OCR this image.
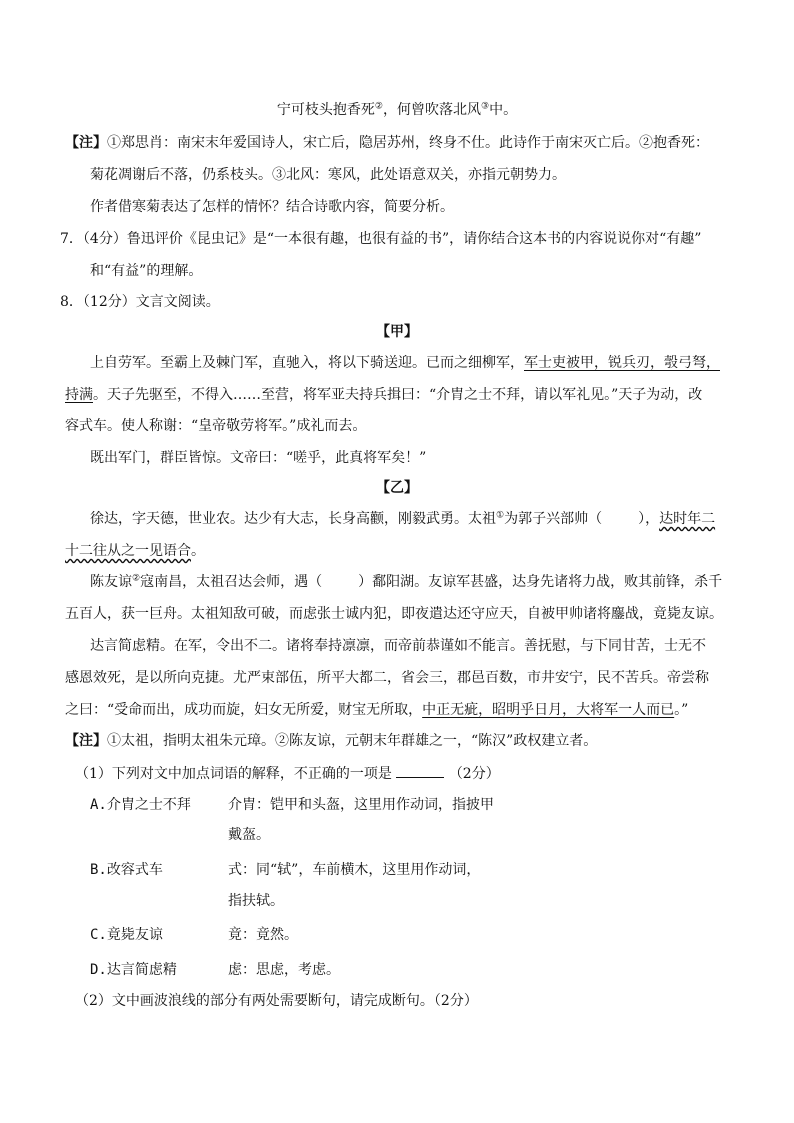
宁可枝头抱香死②，何曾吹落北风③中。
【注】①郑思肖：南宋末年爱国诗人，宋亡后，隐居苏州，终身不仕。此诗作于南宋灭亡后。②抱香死：
菊花凋谢后不落，仍系枝头。③北风：寒风，此处语意双关，亦指元朝势力。
作者借寒菊表达了怎样的情怀？结合诗歌内容，简要分析。
7．（4分）鲁迅评价《昆虫记》是“一本很有趣，也很有益的书”，请你结合这本书的内容说说你对“有趣”
和“有益”的理解。
8．（12分）文言文阅读。
【甲】
上自劳军。至霸上及棘门军，直驰入，将以下骑送迎。已而之细柳军，军士吏被甲，锐兵刃，彀弓弩，
持满。天子先驱至，不得入……至营，将军亚夫持兵揖曰：“介胄之士不拜，请以军礼见。”天子为动，改
容式车。使人称谢：“皇帝敬劳将军。”成礼而去。
既出军门，群臣皆惊。文帝曰：“嗟乎，此真将军矣！”
【乙】
徐达，字天德，世业农。达少有大志，长身高颧，刚毅武勇。太祖①为郭子兴部帅（	），达时年二
十二往从之一见语合。
陈友谅②寇南昌，太祖召达会师，遇（	）鄱阳湖。友谅军甚盛，达身先诸将力战，败其前锋，杀千
五百人，获一巨舟。太祖知敌可破，而虑张士诚内犯，即夜遣达还守应天，自被甲帅诸将鏖战，竟毙友谅。
达言简虑精。在军，令出不二。诸将奉持凛凛，而帝前恭谨如不能言。善抚慰，与下同甘苦，士无不
感恩效死，是以所向克捷。尤严束部伍，所平大都二，省会三，郡邑百数，市井安宁，民不苦兵。帝尝称
之曰：“受命而出，成功而旋，妇女无所爱，财宝无所取，中正无疵，昭明乎日月，大将军一人而已。”
【注】①太祖，指明太祖朱元璋。②陈友谅，元朝末年群雄之一，“陈汉”政权建立者。
（1）下列对文中加点词语的解释，不正确的一项是	（2分）
A.介胄之士不拜	介胄：铠甲和头盔，这里用作动词，指披甲
戴盔。
B.改容式车	式：同“轼”，车前横木，这里用作动词，
指扶轼。
C.竟毙友谅	竟：竟然。
D.达言简虑精	虑：思虑，考虑。
（2）文中画波浪线的部分有两处需要断句，请完成断句。（2分）
